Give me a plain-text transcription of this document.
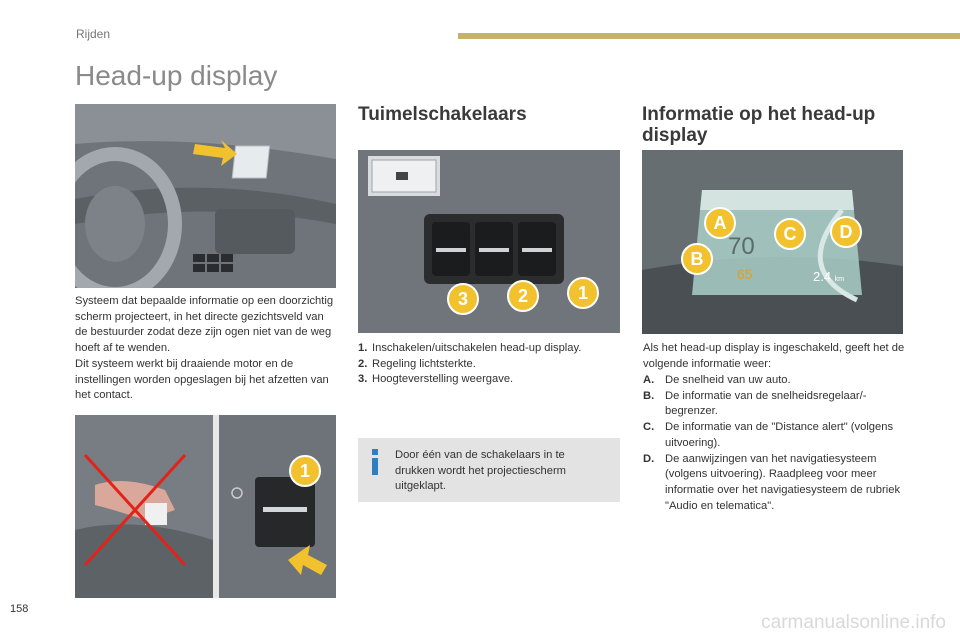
Rijden
Head-up display

Systeem dat bepaalde informatie op een doorzichtig scherm projecteert, in het directe gezichtsveld van de bestuurder zodat deze zijn ogen niet van de weg hoeft af te wenden.

Dit systeem werkt bij draaiende motor en de instellingen worden opgeslagen bij het afzetten van het contact.

1
Tuimelschakelaars
3	2	1
1. Inschakelen/uitschakelen head-up display.
2. Regeling lichtsterkte.
3. Hoogteverstelling weergave.

Door één van de schakelaars in te drukken wordt het projectiescherm uitgeklapt.

Informatie op het head-up display
70
65	2.4 km
A
B
C	D

Als het head-up display is ingeschakeld, geeft het de volgende informatie weer:

A. De snelheid van uw auto.
B. De informatie van de snelheidsregelaar/-begrenzer.
C. De informatie van de "Distance alert" (volgens uitvoering).
D. De aanwijzingen van het navigatiesysteem (volgens uitvoering). Raadpleeg voor meer informatie over het navigatiesysteem de rubriek "Audio en telematica".
158
carmanualsonline.info
